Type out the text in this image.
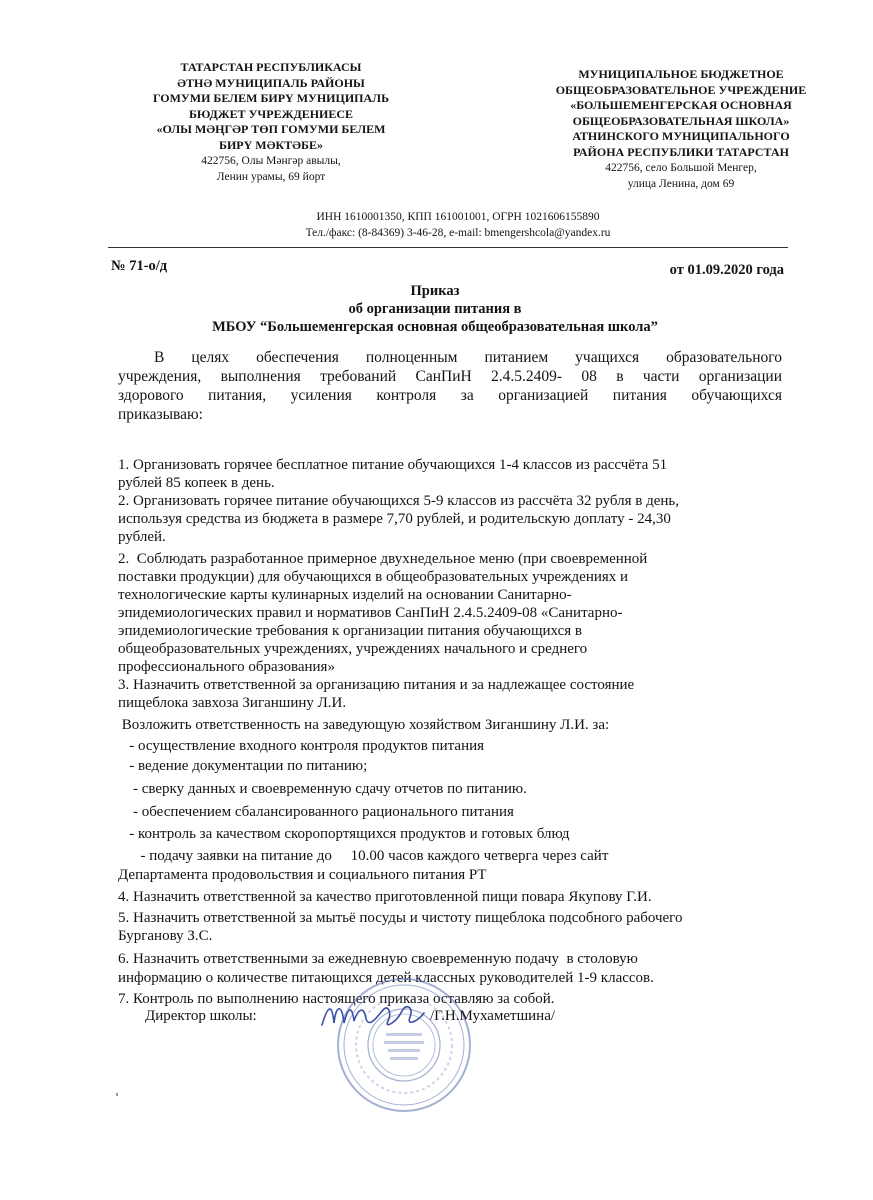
ТАТАРСТАН РЕСПУБЛИКАСЫ
ӘТНӘ МУНИЦИПАЛЬ РАЙОНЫ
ГОМУМИ БЕЛЕМ БИРҮ МУНИЦИПАЛЬ
БЮДЖЕТ УЧРЕЖДЕНИЕСЕ
«ОЛЫ МӘҢГӘР ТӨП ГОМУМИ БЕЛЕМ
БИРҮ МӘКТӘБЕ»
422756, Олы Мәнгәр авылы,
Ленин урамы, 69 йорт
МУНИЦИПАЛЬНОЕ БЮДЖЕТНОЕ
ОБЩЕОБРАЗОВАТЕЛЬНОЕ УЧРЕЖДЕНИЕ
«БОЛЬШЕМЕНГЕРСКАЯ ОСНОВНАЯ
ОБЩЕОБРАЗОВАТЕЛЬНАЯ ШКОЛА»
АТНИНСКОГО МУНИЦИПАЛЬНОГО
РАЙОНА РЕСПУБЛИКИ ТАТАРСТАН
422756, село Большой Менгер,
улица Ленина, дом 69
ИНН 1610001350, КПП 161001001, ОГРН 1021606155890
Тел./факс: (8-84369) 3-46-28, e-mail: bmengershcola@yandex.ru
№ 71-о/д	от 01.09.2020 года
Приказ
об организации питания в
МБОУ “Большеменгерская основная общеобразовательная школа”
В целях обеспечения полноценным питанием учащихся образовательного
учреждения, выполнения требований СанПиН 2.4.5.2409- 08 в части организации
здорового питания, усиления контроля за организацией питания обучающихся
приказываю:
1. Организовать горячее бесплатное питание обучающихся 1-4 классов из рассчёта 51
рублей 85 копеек в день.
2. Организовать горячее питание обучающихся 5-9 классов из рассчёта 32 рубля в день,
используя средства из бюджета в размере 7,70 рублей, и родительскую доплату - 24,30
рублей.
2.  Соблюдать разработанное примерное двухнедельное меню (при своевременной
поставки продукции) для обучающихся в общеобразовательных учреждениях и
технологические карты кулинарных изделий на основании Санитарно-
эпидемиологических правил и нормативов СанПиН 2.4.5.2409-08 «Санитарно-
эпидемиологические требования к организации питания обучающихся в
общеобразовательных учреждениях, учреждениях начального и среднего
профессионального образования»
3. Назначить ответственной за организацию питания и за надлежащее состояние
пищеблока завхоза Зиганшину Л.И.
Возложить ответственность на заведующую хозяйством Зиганшину Л.И. за:
- осуществление входного контроля продуктов питания
- ведение документации по питанию;
- сверку данных и своевременную сдачу отчетов по питанию.
- обеспечением сбалансированного рационального питания
- контроль за качеством скоропортящихся продуктов и готовых блюд
- подачу заявки на питание до     10.00 часов каждого четверга через сайт
Департамента продовольствия и социального питания РТ
4. Назначить ответственной за качество приготовленной пищи повара Якупову Г.И.
5. Назначить ответственной за мытьё посуды и чистоту пищеблока подсобного рабочего
Бурганову З.С.
6. Назначить ответственными за ежедневную своевременную подачу  в столовую
информацию о количестве питающихся детей классных руководителей 1-9 классов.
7. Контроль по выполнению настоящего приказа оставляю за собой.
Директор школы:	/Г.Н.Мухаметшина/
